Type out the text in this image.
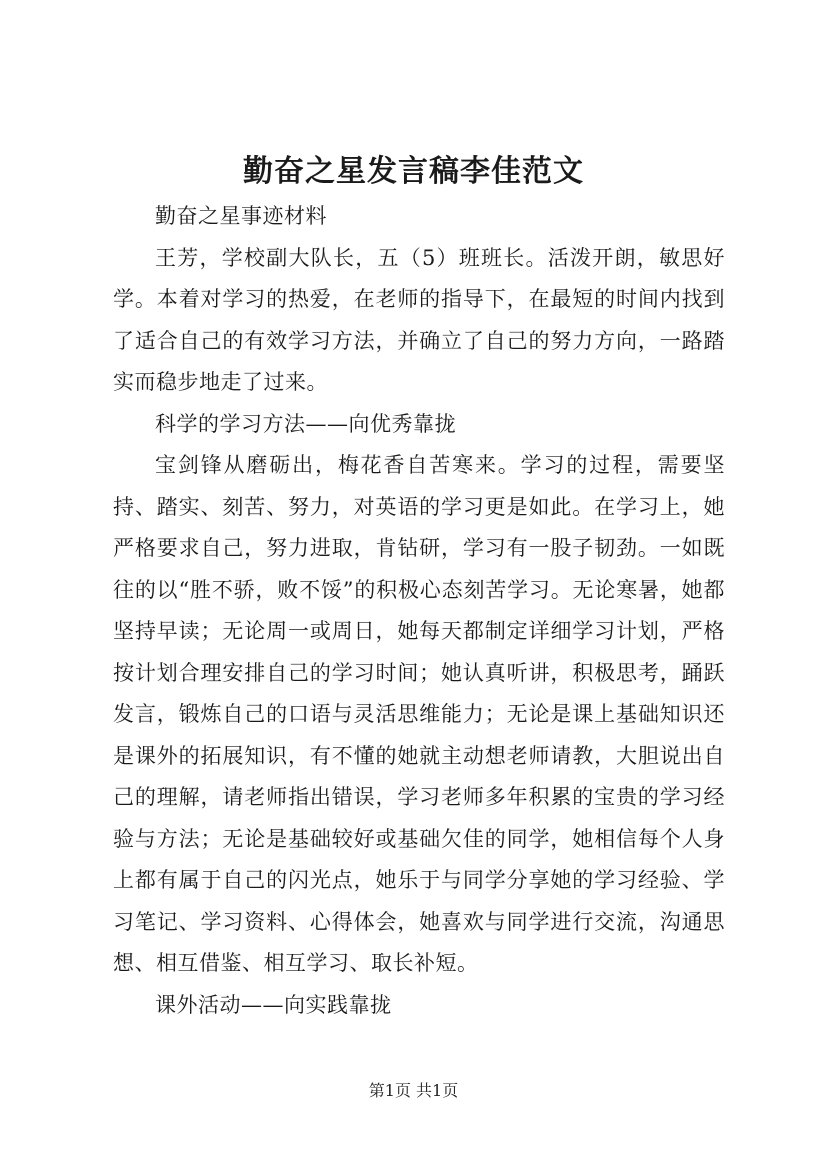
勤奋之星发言稿李佳范文

勤奋之星事迹材料

王芳，学校副大队长，五（5）班班长。活泼开朗，敏思好学。本着对学习的热爱，在老师的指导下，在最短的时间内找到了适合自己的有效学习方法，并确立了自己的努力方向，一路踏实而稳步地走了过来。

科学的学习方法——向优秀靠拢

宝剑锋从磨砺出，梅花香自苦寒来。学习的过程，需要坚持、踏实、刻苦、努力，对英语的学习更是如此。在学习上，她严格要求自己，努力进取，肯钻研，学习有一股子韧劲。一如既往的以“胜不骄，败不馁”的积极心态刻苦学习。无论寒暑，她都坚持早读；无论周一或周日，她每天都制定详细学习计划，严格按计划合理安排自己的学习时间；她认真听讲，积极思考，踊跃发言，锻炼自己的口语与灵活思维能力；无论是课上基础知识还是课外的拓展知识，有不懂的她就主动想老师请教，大胆说出自己的理解，请老师指出错误，学习老师多年积累的宝贵的学习经验与方法；无论是基础较好或基础欠佳的同学，她相信每个人身上都有属于自己的闪光点，她乐于与同学分享她的学习经验、学习笔记、学习资料、心得体会，她喜欢与同学进行交流，沟通思想、相互借鉴、相互学习、取长补短。

课外活动——向实践靠拢

第1页 共1页
